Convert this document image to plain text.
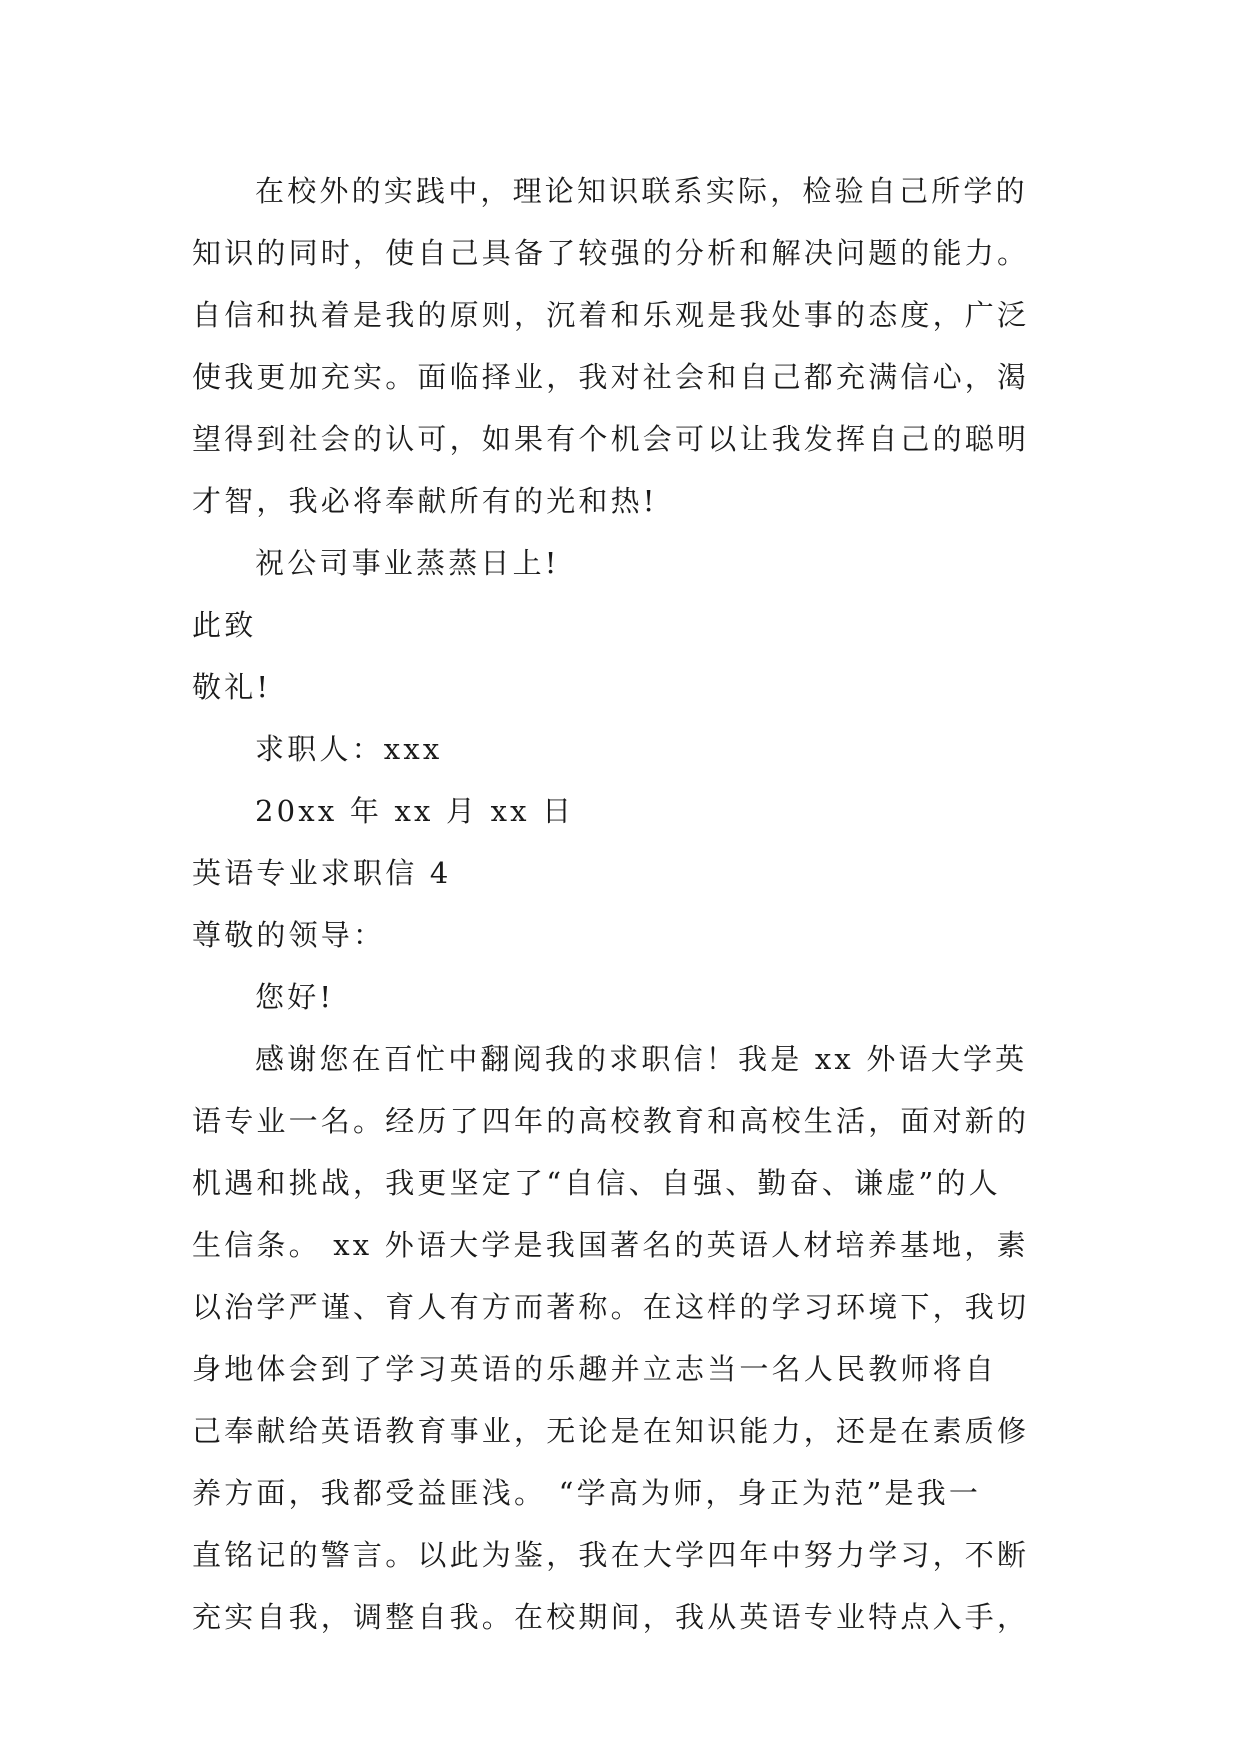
在校外的实践中，理论知识联系实际，检验自己所学的
知识的同时，使自己具备了较强的分析和解决问题的能力。
自信和执着是我的原则，沉着和乐观是我处事的态度，广泛
使我更加充实。面临择业，我对社会和自己都充满信心，渴
望得到社会的认可，如果有个机会可以让我发挥自己的聪明
才智，我必将奉献所有的光和热!
祝公司事业蒸蒸日上!
此致
敬礼!
求职人：xxx
20xx 年 xx 月 xx 日
英语专业求职信 4
尊敬的领导：
您好!
感谢您在百忙中翻阅我的求职信！我是 xx 外语大学英
语专业一名。经历了四年的高校教育和高校生活，面对新的
机遇和挑战，我更坚定了“自信、自强、勤奋、谦虚”的人
生信条。 xx 外语大学是我国著名的英语人材培养基地，素
以治学严谨、育人有方而著称。在这样的学习环境下，我切
身地体会到了学习英语的乐趣并立志当一名人民教师将自
己奉献给英语教育事业，无论是在知识能力，还是在素质修
养方面，我都受益匪浅。 “学高为师，身正为范”是我一
直铭记的警言。以此为鉴，我在大学四年中努力学习，不断
充实自我，调整自我。在校期间，我从英语专业特点入手，
